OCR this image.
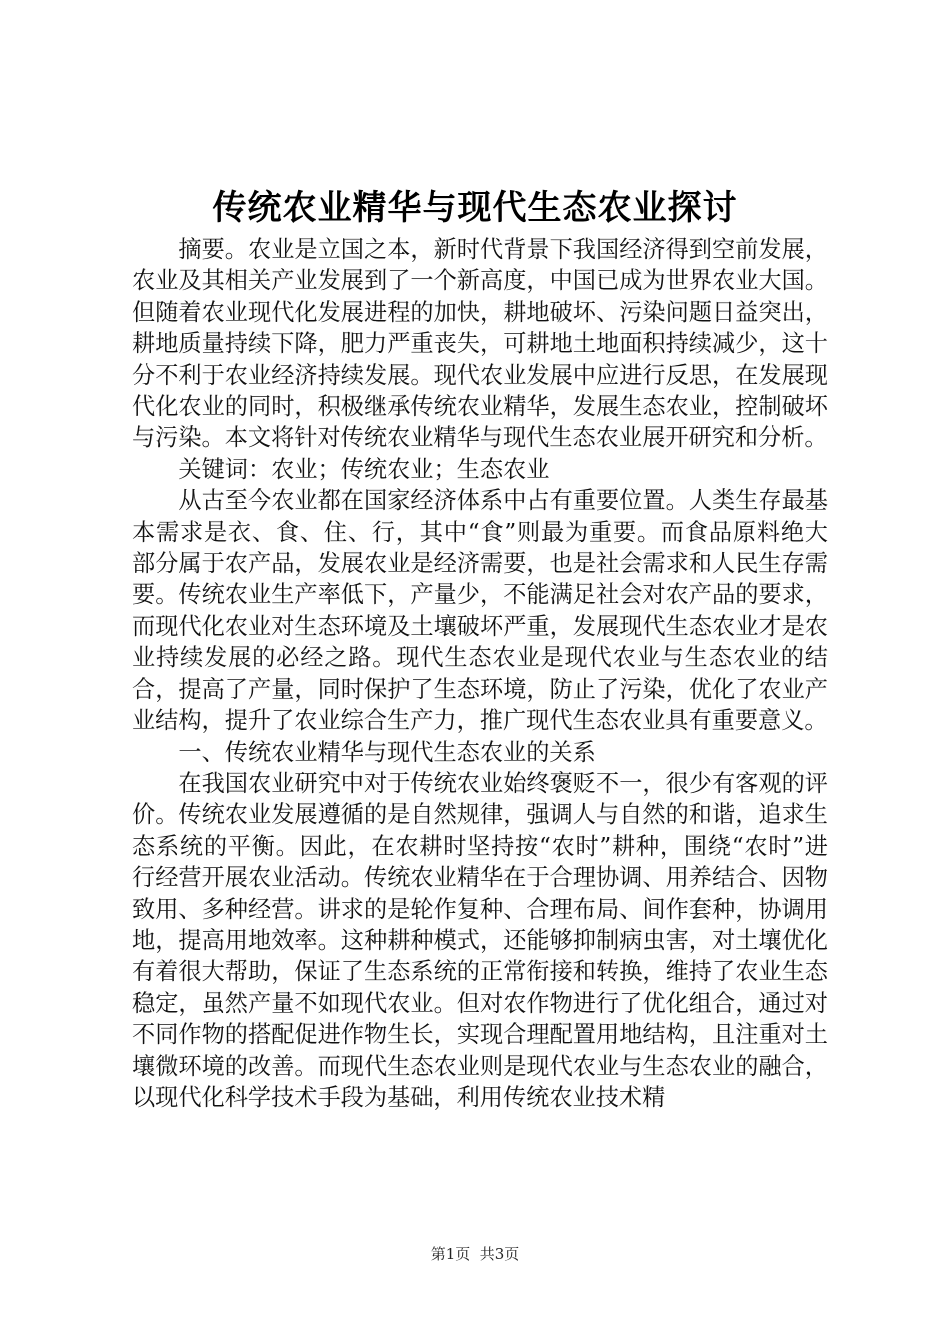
传统农业精华与现代生态农业探讨

摘要。农业是立国之本，新时代背景下我国经济得到空前发展，农业及其相关产业发展到了一个新高度，中国已成为世界农业大国。但随着农业现代化发展进程的加快，耕地破坏、污染问题日益突出，耕地质量持续下降，肥力严重丧失，可耕地土地面积持续减少，这十分不利于农业经济持续发展。现代农业发展中应进行反思，在发展现代化农业的同时，积极继承传统农业精华，发展生态农业，控制破坏与污染。本文将针对传统农业精华与现代生态农业展开研究和分析。

关键词：农业；传统农业；生态农业

从古至今农业都在国家经济体系中占有重要位置。人类生存最基本需求是衣、食、住、行，其中“食”则最为重要。而食品原料绝大部分属于农产品，发展农业是经济需要，也是社会需求和人民生存需要。传统农业生产率低下，产量少，不能满足社会对农产品的要求，而现代化农业对生态环境及土壤破坏严重，发展现代生态农业才是农业持续发展的必经之路。现代生态农业是现代农业与生态农业的结合，提高了产量，同时保护了生态环境，防止了污染，优化了农业产业结构，提升了农业综合生产力，推广现代生态农业具有重要意义。

一、传统农业精华与现代生态农业的关系

在我国农业研究中对于传统农业始终褒贬不一，很少有客观的评价。传统农业发展遵循的是自然规律，强调人与自然的和谐，追求生态系统的平衡。因此，在农耕时坚持按“农时”耕种，围绕“农时”进行经营开展农业活动。传统农业精华在于合理协调、用养结合、因物致用、多种经营。讲求的是轮作复种、合理布局、间作套种，协调用地，提高用地效率。这种耕种模式，还能够抑制病虫害，对土壤优化有着很大帮助，保证了生态系统的正常衔接和转换，维持了农业生态稳定，虽然产量不如现代农业。但对农作物进行了优化组合，通过对不同作物的搭配促进作物生长，实现合理配置用地结构，且注重对土壤微环境的改善。而现代生态农业则是现代农业与生态农业的融合，以现代化科学技术手段为基础，利用传统农业技术精

第1页  共3页
